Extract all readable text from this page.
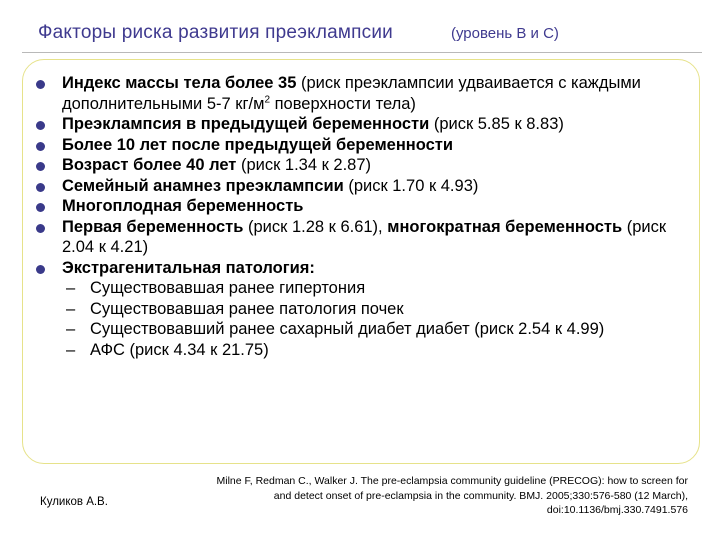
Факторы риска развития преэклампсии	(уровень В и С)
Индекс массы тела более 35 (риск преэклампсии удваивается с каждыми дополнительными 5-7 $кг/м^2$ поверхности тела)
Преэклампсия в предыдущей беременности (риск 5.85 к 8.83)
Более 10 лет после предыдущей беременности
Возраст более 40 лет (риск 1.34 к 2.87)
Семейный анамнез преэклампсии (риск 1.70 к 4.93)
Многоплодная беременность
Первая беременность (риск 1.28 к 6.61), многократная беременность (риск 2.04 к 4.21)
Экстрагенитальная патология:
– Существовавшая ранее гипертония
– Существовавшая ранее патология почек
– Существовавший ранее сахарный диабет диабет (риск 2.54 к 4.99)
– АФС (риск 4.34 к 21.75)
Куликов А.В.
Milne F, Redman C., Walker J. The pre-eclampsia community guideline (PRECOG): how to screen for and detect onset of pre-eclampsia in the community. BMJ. 2005;330:576-580 (12 March), doi:10.1136/bmj.330.7491.576
